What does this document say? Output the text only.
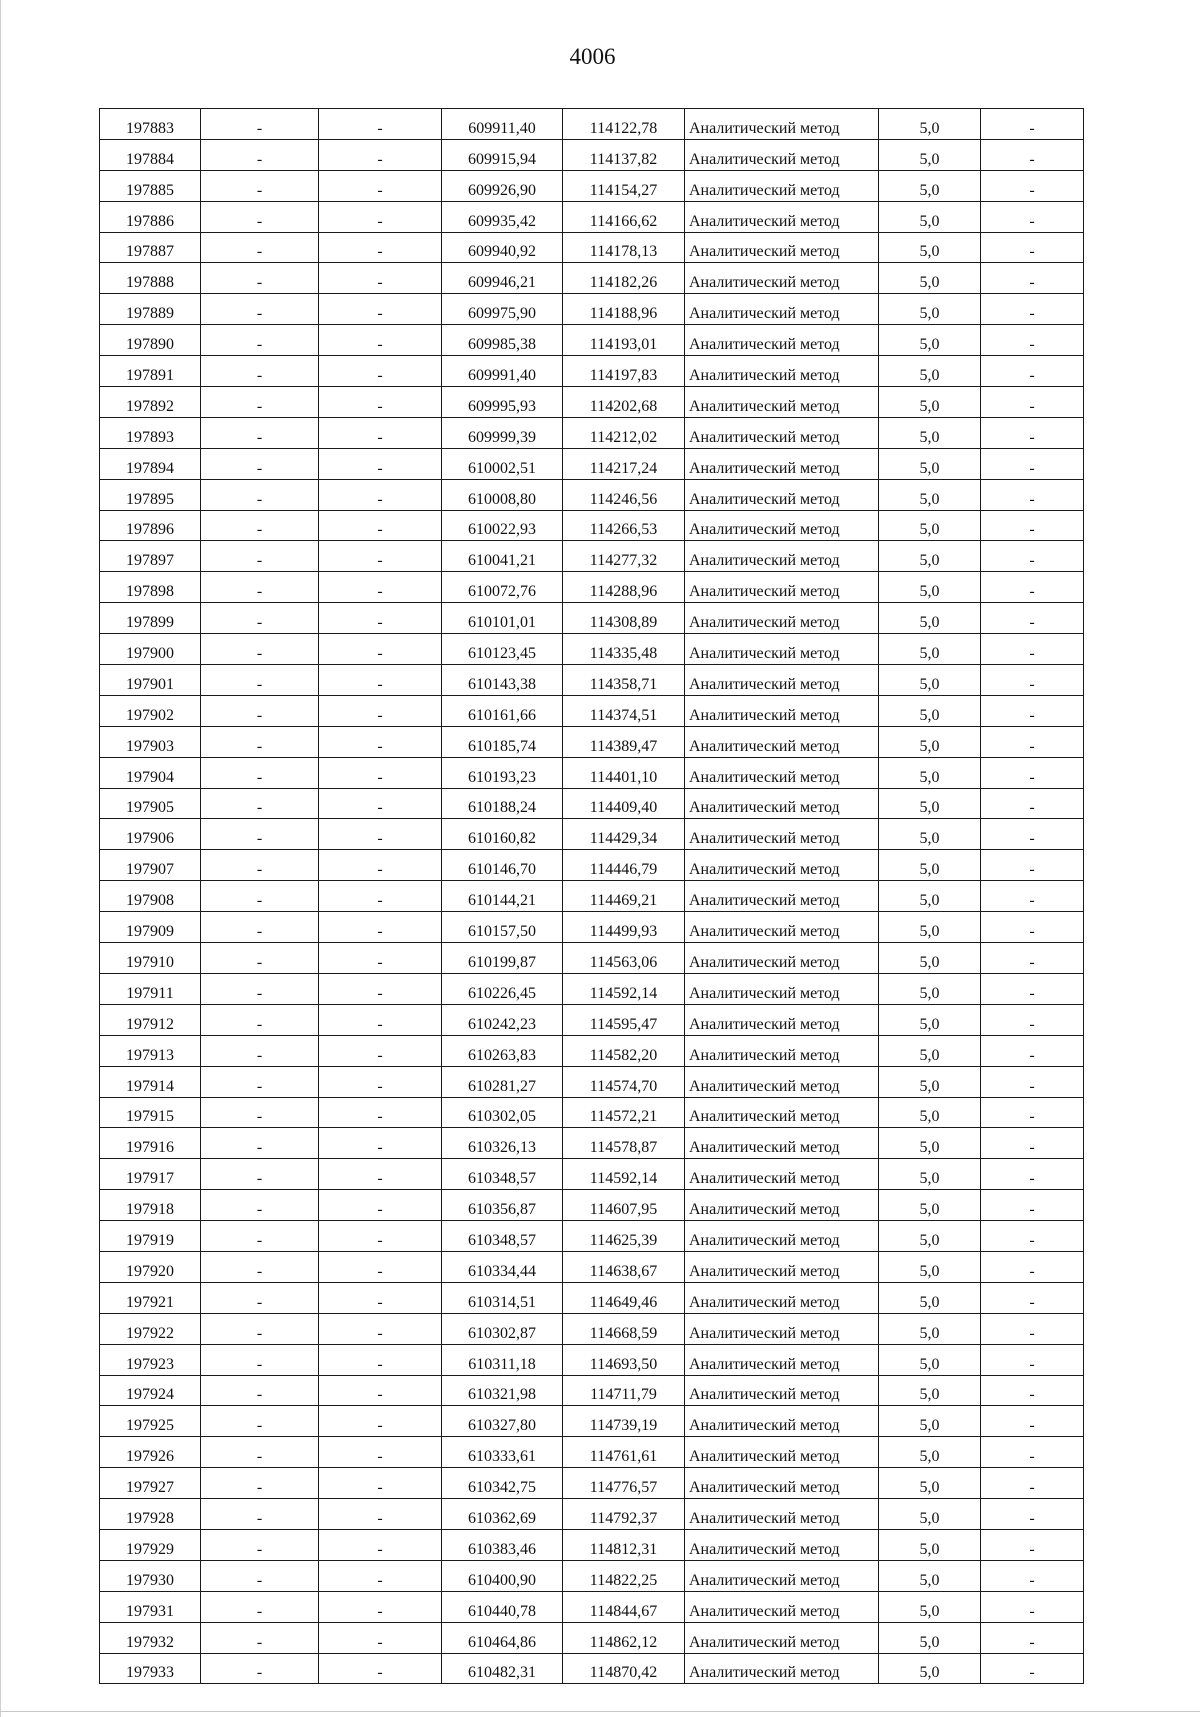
4006
197883	-	-	609911,40	114122,78	Аналитический метод	5,0	-
197884	-	-	609915,94	114137,82	Аналитический метод	5,0	-
197885	-	-	609926,90	114154,27	Аналитический метод	5,0	-
197886	-	-	609935,42	114166,62	Аналитический метод	5,0	-
197887	-	-	609940,92	114178,13	Аналитический метод	5,0	-
197888	-	-	609946,21	114182,26	Аналитический метод	5,0	-
197889	-	-	609975,90	114188,96	Аналитический метод	5,0	-
197890	-	-	609985,38	114193,01	Аналитический метод	5,0	-
197891	-	-	609991,40	114197,83	Аналитический метод	5,0	-
197892	-	-	609995,93	114202,68	Аналитический метод	5,0	-
197893	-	-	609999,39	114212,02	Аналитический метод	5,0	-
197894	-	-	610002,51	114217,24	Аналитический метод	5,0	-
197895	-	-	610008,80	114246,56	Аналитический метод	5,0	-
197896	-	-	610022,93	114266,53	Аналитический метод	5,0	-
197897	-	-	610041,21	114277,32	Аналитический метод	5,0	-
197898	-	-	610072,76	114288,96	Аналитический метод	5,0	-
197899	-	-	610101,01	114308,89	Аналитический метод	5,0	-
197900	-	-	610123,45	114335,48	Аналитический метод	5,0	-
197901	-	-	610143,38	114358,71	Аналитический метод	5,0	-
197902	-	-	610161,66	114374,51	Аналитический метод	5,0	-
197903	-	-	610185,74	114389,47	Аналитический метод	5,0	-
197904	-	-	610193,23	114401,10	Аналитический метод	5,0	-
197905	-	-	610188,24	114409,40	Аналитический метод	5,0	-
197906	-	-	610160,82	114429,34	Аналитический метод	5,0	-
197907	-	-	610146,70	114446,79	Аналитический метод	5,0	-
197908	-	-	610144,21	114469,21	Аналитический метод	5,0	-
197909	-	-	610157,50	114499,93	Аналитический метод	5,0	-
197910	-	-	610199,87	114563,06	Аналитический метод	5,0	-
197911	-	-	610226,45	114592,14	Аналитический метод	5,0	-
197912	-	-	610242,23	114595,47	Аналитический метод	5,0	-
197913	-	-	610263,83	114582,20	Аналитический метод	5,0	-
197914	-	-	610281,27	114574,70	Аналитический метод	5,0	-
197915	-	-	610302,05	114572,21	Аналитический метод	5,0	-
197916	-	-	610326,13	114578,87	Аналитический метод	5,0	-
197917	-	-	610348,57	114592,14	Аналитический метод	5,0	-
197918	-	-	610356,87	114607,95	Аналитический метод	5,0	-
197919	-	-	610348,57	114625,39	Аналитический метод	5,0	-
197920	-	-	610334,44	114638,67	Аналитический метод	5,0	-
197921	-	-	610314,51	114649,46	Аналитический метод	5,0	-
197922	-	-	610302,87	114668,59	Аналитический метод	5,0	-
197923	-	-	610311,18	114693,50	Аналитический метод	5,0	-
197924	-	-	610321,98	114711,79	Аналитический метод	5,0	-
197925	-	-	610327,80	114739,19	Аналитический метод	5,0	-
197926	-	-	610333,61	114761,61	Аналитический метод	5,0	-
197927	-	-	610342,75	114776,57	Аналитический метод	5,0	-
197928	-	-	610362,69	114792,37	Аналитический метод	5,0	-
197929	-	-	610383,46	114812,31	Аналитический метод	5,0	-
197930	-	-	610400,90	114822,25	Аналитический метод	5,0	-
197931	-	-	610440,78	114844,67	Аналитический метод	5,0	-
197932	-	-	610464,86	114862,12	Аналитический метод	5,0	-
197933	-	-	610482,31	114870,42	Аналитический метод	5,0	-
